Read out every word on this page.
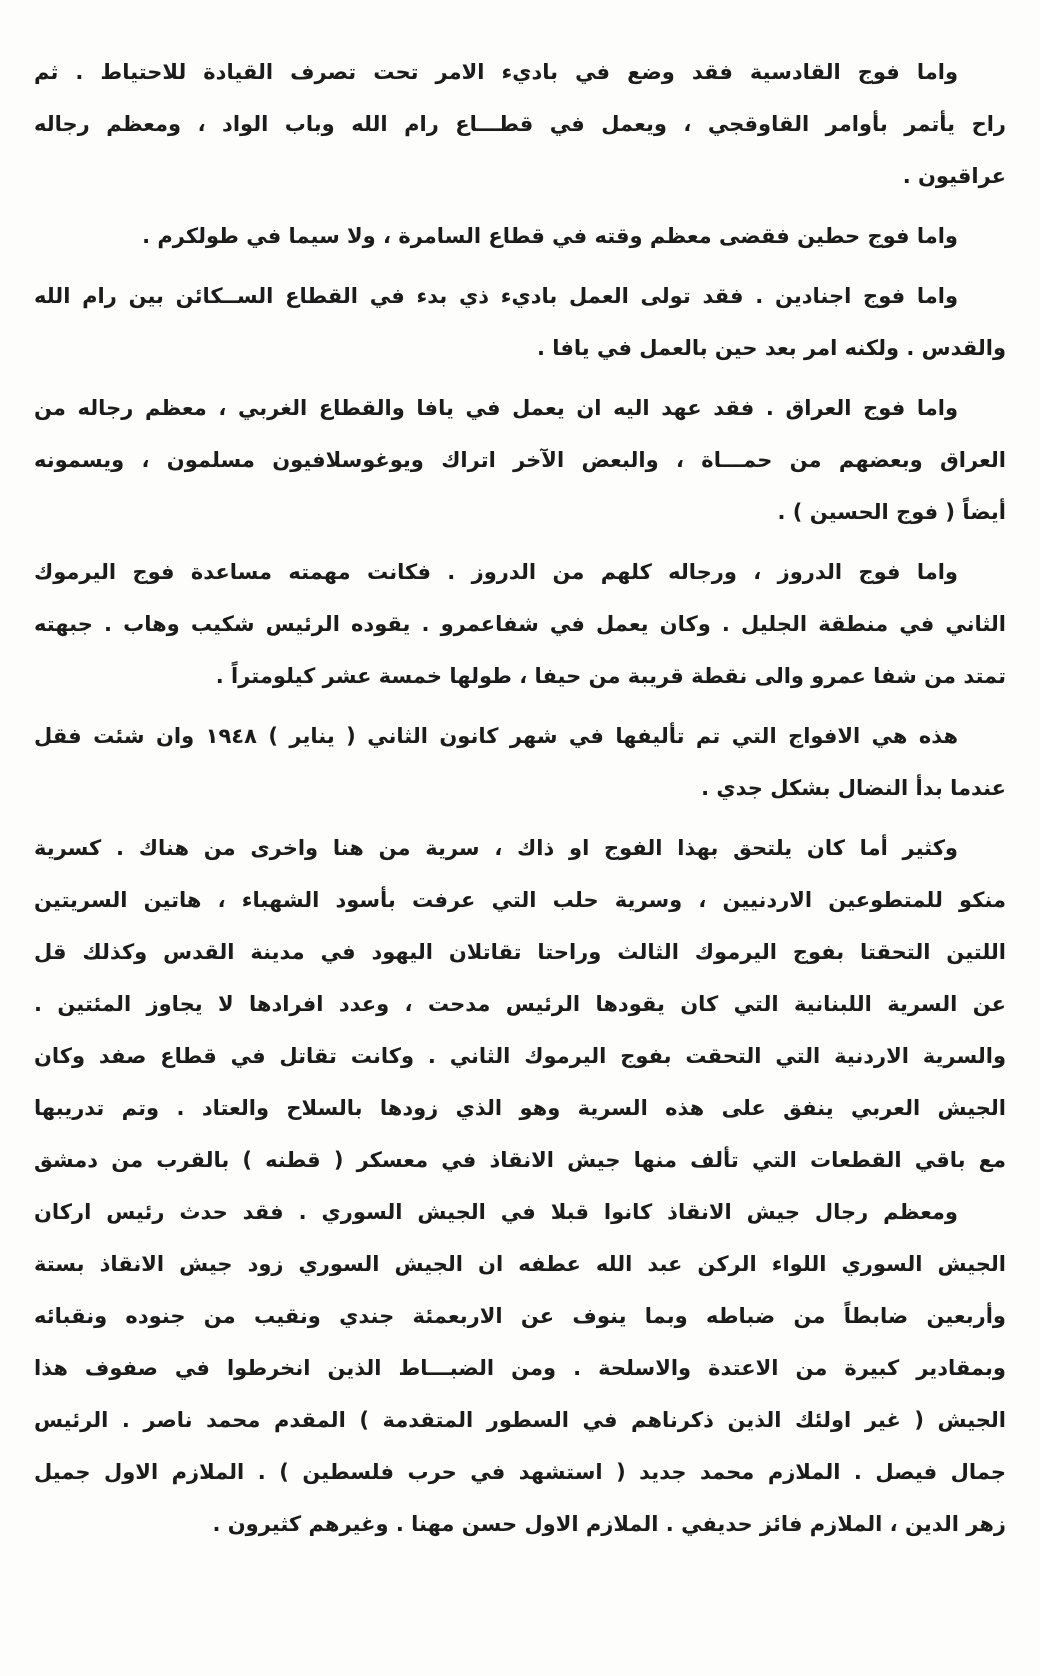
واما فوج القادسية فقد وضع في باديء الامر تحت تصرف القيادة للاحتياط . ثم
راح يأتمر بأوامر القاوقجي ، ويعمل في قطـــاع رام الله وباب الواد ، ومعظم رجاله
عراقيون .
واما فوج حطين فقضى معظم وقته في قطاع السامرة ، ولا سيما في طولكرم .
واما فوج اجنادين . فقد تولى العمل باديء ذي بدء في القطاع الســكائن بين رام الله
والقدس . ولكنه امر بعد حين بالعمل في يافا .
واما فوج العراق . فقد عهد اليه ان يعمل في يافا والقطاع الغربي ، معظم رجاله من
العراق وبعضهم من حمـــاة ، والبعض الآخر اتراك ويوغوسلافيون مسلمون ، ويسمونه
أيضاً ( فوج الحسين ) .
واما فوج الدروز ، ورجاله كلهم من الدروز . فكانت مهمته مساعدة فوج اليرموك
الثاني في منطقة الجليل . وكان يعمل في شفاعمرو . يقوده الرئيس شكيب وهاب . جبهته
تمتد من شفا عمرو والى نقطة قريبة من حيفا ، طولها خمسة عشر كيلومتراً .
هذه هي الافواج التي تم تأليفها في شهر كانون الثاني ( يناير ) ١٩٤٨ وان شئت فقل
عندما بدأ النضال بشكل جدي .
وكثير أما كان يلتحق بهذا الفوج او ذاك ، سرية من هنا واخرى من هناك . كسرية
منكو للمتطوعين الاردنيين ، وسرية حلب التي عرفت بأسود الشهباء ، هاتين السريتين
اللتين التحقتا بفوج اليرموك الثالث وراحتا تقاتلان اليهود في مدينة القدس وكذلك قل
عن السرية اللبنانية التي كان يقودها الرئيس مدحت ، وعدد افرادها لا يجاوز المئتين .
والسرية الاردنية التي التحقت بفوج اليرموك الثاني . وكانت تقاتل في قطاع صفد وكان
الجيش العربي ينفق على هذه السرية وهو الذي زودها بالسلاح والعتاد . وتم تدريبها
مع باقي القطعات التي تألف منها جيش الانقاذ في معسكر ( قطنه ) بالقرب من دمشق
ومعظم رجال جيش الانقاذ كانوا قبلا في الجيش السوري . فقد حدث رئيس اركان
الجيش السوري اللواء الركن عبد الله عطفه ان الجيش السوري زود جيش الانقاذ بستة
وأربعين ضابطاً من ضباطه وبما ينوف عن الاربعمئة جندي ونقيب من جنوده ونقبائه
وبمقادير كبيرة من الاعتدة والاسلحة . ومن الضبـــاط الذين انخرطوا في صفوف هذا
الجيش ( غير اولئك الذين ذكرناهم في السطور المتقدمة ) المقدم محمد ناصر . الرئيس
جمال فيصل . الملازم محمد جديد ( استشهد في حرب فلسطين ) . الملازم الاول جميل
زهر الدين ، الملازم فائز حديفي . الملازم الاول حسن مهنا . وغيرهم كثيرون .
